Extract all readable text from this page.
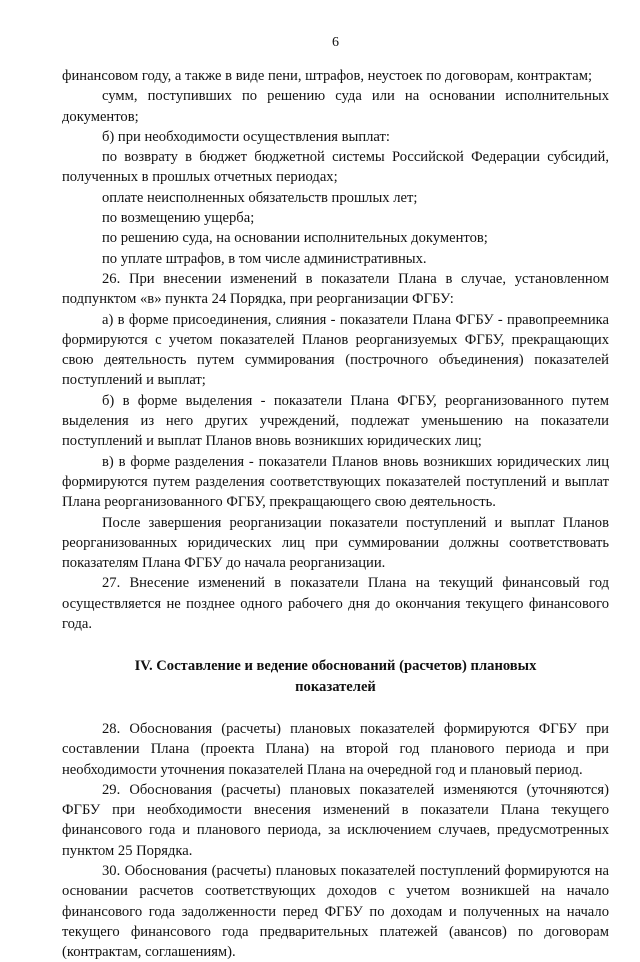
6

финансовом году, а также в виде пени, штрафов, неустоек по договорам, контрактам;

сумм, поступивших по решению суда или на основании исполнительных документов;

б) при необходимости осуществления выплат:

по возврату в бюджет бюджетной системы Российской Федерации субсидий, полученных в прошлых отчетных периодах;

оплате неисполненных обязательств прошлых лет;

по возмещению ущерба;

по решению суда, на основании исполнительных документов;

по уплате штрафов, в том числе административных.

26. При внесении изменений в показатели Плана в случае, установленном подпунктом «в» пункта 24 Порядка, при реорганизации ФГБУ:

а) в форме присоединения, слияния - показатели Плана ФГБУ - правопреемника формируются с учетом показателей Планов реорганизуемых ФГБУ, прекращающих свою деятельность путем суммирования (построчного объединения) показателей поступлений и выплат;

б) в форме выделения - показатели Плана ФГБУ, реорганизованного путем выделения из него других учреждений, подлежат уменьшению на показатели поступлений и выплат Планов вновь возникших юридических лиц;

в) в форме разделения - показатели Планов вновь возникших юридических лиц формируются путем разделения соответствующих показателей поступлений и выплат Плана реорганизованного ФГБУ, прекращающего свою деятельность.

После завершения реорганизации показатели поступлений и выплат Планов реорганизованных юридических лиц при суммировании должны соответствовать показателям Плана ФГБУ до начала реорганизации.

27. Внесение изменений в показатели Плана на текущий финансовый год осуществляется не позднее одного рабочего дня до окончания текущего финансового года.

IV. Составление и ведение обоснований (расчетов) плановых показателей

28. Обоснования (расчеты) плановых показателей формируются ФГБУ при составлении Плана (проекта Плана) на второй год планового периода и при необходимости уточнения показателей Плана на очередной год и плановый период.

29. Обоснования (расчеты) плановых показателей изменяются (уточняются) ФГБУ при необходимости внесения изменений в показатели Плана текущего финансового года и планового периода, за исключением случаев, предусмотренных пунктом 25 Порядка.

30. Обоснования (расчеты) плановых показателей поступлений формируются на основании расчетов соответствующих доходов с учетом возникшей на начало финансового года задолженности перед ФГБУ по доходам и полученных на начало текущего финансового года предварительных платежей (авансов) по договорам (контрактам, соглашениям).
